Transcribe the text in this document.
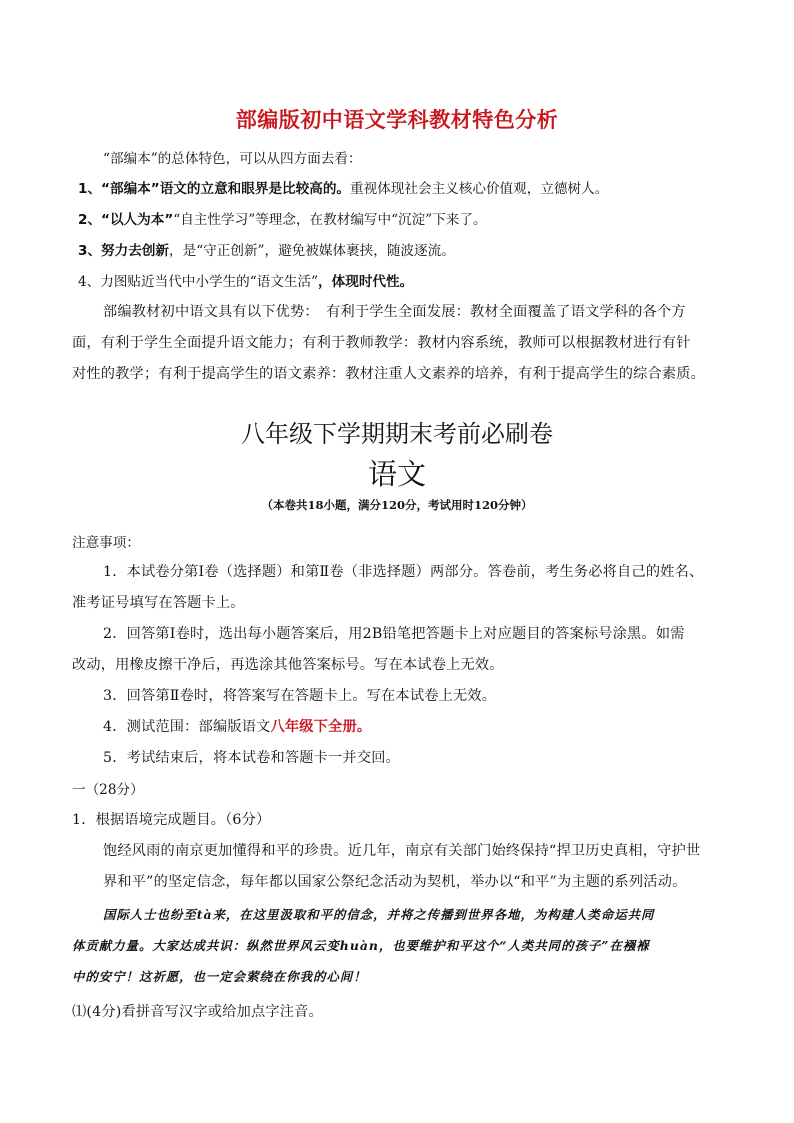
部编版初中语文学科教材特色分析
“部编本”的总体特色，可以从四方面去看：
1、“部编本”语文的立意和眼界是比较高的。重视体现社会主义核心价值观，立德树人。
2、“以人为本”“自主性学习”等理念，在教材编写中“沉淀”下来了。
3、努力去创新，是“守正创新”，避免被媒体裹挟，随波逐流。
4、力图贴近当代中小学生的“语文生活”，体现时代性。
部编教材初中语文具有以下优势：　有利于学生全面发展：教材全面覆盖了语文学科的各个方
面，有利于学生全面提升语文能力；有利于教师教学：教材内容系统，教师可以根据教材进行有针
对性的教学；有利于提高学生的语文素养：教材注重人文素养的培养，有利于提高学生的综合素质。
八年级下学期期末考前必刷卷
语文
（本卷共18小题，满分120分，考试用时120分钟）
注意事项：
1．本试卷分第Ⅰ卷（选择题）和第Ⅱ卷（非选择题）两部分。答卷前，考生务必将自己的姓名、
准考证号填写在答题卡上。
2．回答第Ⅰ卷时，选出每小题答案后，用2B铅笔把答题卡上对应题目的答案标号涂黑。如需
改动，用橡皮擦干净后，再选涂其他答案标号。写在本试卷上无效。
3．回答第Ⅱ卷时，将答案写在答题卡上。写在本试卷上无效。
4．测试范围：部编版语文八年级下全册。
5．考试结束后，将本试卷和答题卡一并交回。
一（28分）
1．根据语境完成题目。（6分）
饱经风雨的南京更加懂得和平的珍贵。近几年，南京有关部门始终保持“捍卫历史真相，守护世
界和平”的坚定信念，每年都以国家公祭纪念活动为契机，举办以“和平”为主题的系列活动。
国际人士也纷至tà来，在这里汲取和平的信念，并将之传播到世界各地，为构建人类命运共同
体贡献力量。大家达成共识：纵然世界风云变huàn，也要维护和平这个“人类共同的孩子”在襁褓
中的安宁！这祈愿，也一定会萦绕在你我的心间！
⑴(4分)看拼音写汉字或给加点字注音。
